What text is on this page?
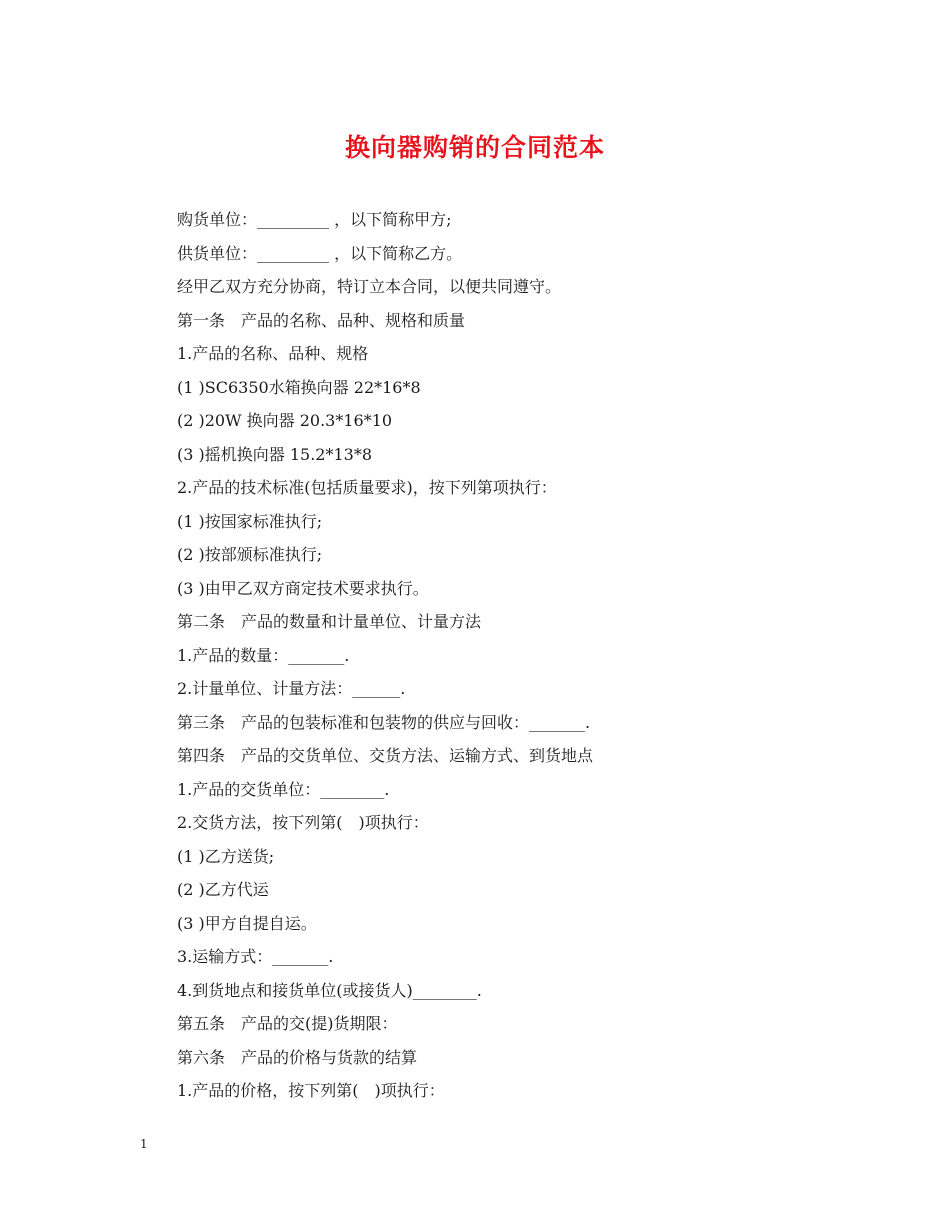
换向器购销的合同范本
购货单位：_________ ，以下简称甲方;
供货单位：_________ ，以下简称乙方。
经甲乙双方充分协商，特订立本合同，以便共同遵守。
第一条　产品的名称、品种、规格和质量
1.产品的名称、品种、规格
(1 )SC6350水箱换向器 22*16*8
(2 )20W 换向器 20.3*16*10
(3 )摇机换向器 15.2*13*8
2.产品的技术标准(包括质量要求)，按下列第项执行：
(1 )按国家标准执行;
(2 )按部颁标准执行;
(3 )由甲乙双方商定技术要求执行。
第二条　产品的数量和计量单位、计量方法
1.产品的数量：_______.
2.计量单位、计量方法：______.
第三条　产品的包装标准和包装物的供应与回收：_______.
第四条　产品的交货单位、交货方法、运输方式、到货地点
1.产品的交货单位：________.
2.交货方法，按下列第(　)项执行：
(1 )乙方送货;
(2 )乙方代运
(3 )甲方自提自运。
3.运输方式：_______.
4.到货地点和接货单位(或接货人)________.
第五条　产品的交(提)货期限：
第六条　产品的价格与货款的结算
1.产品的价格，按下列第(　)项执行：
1
